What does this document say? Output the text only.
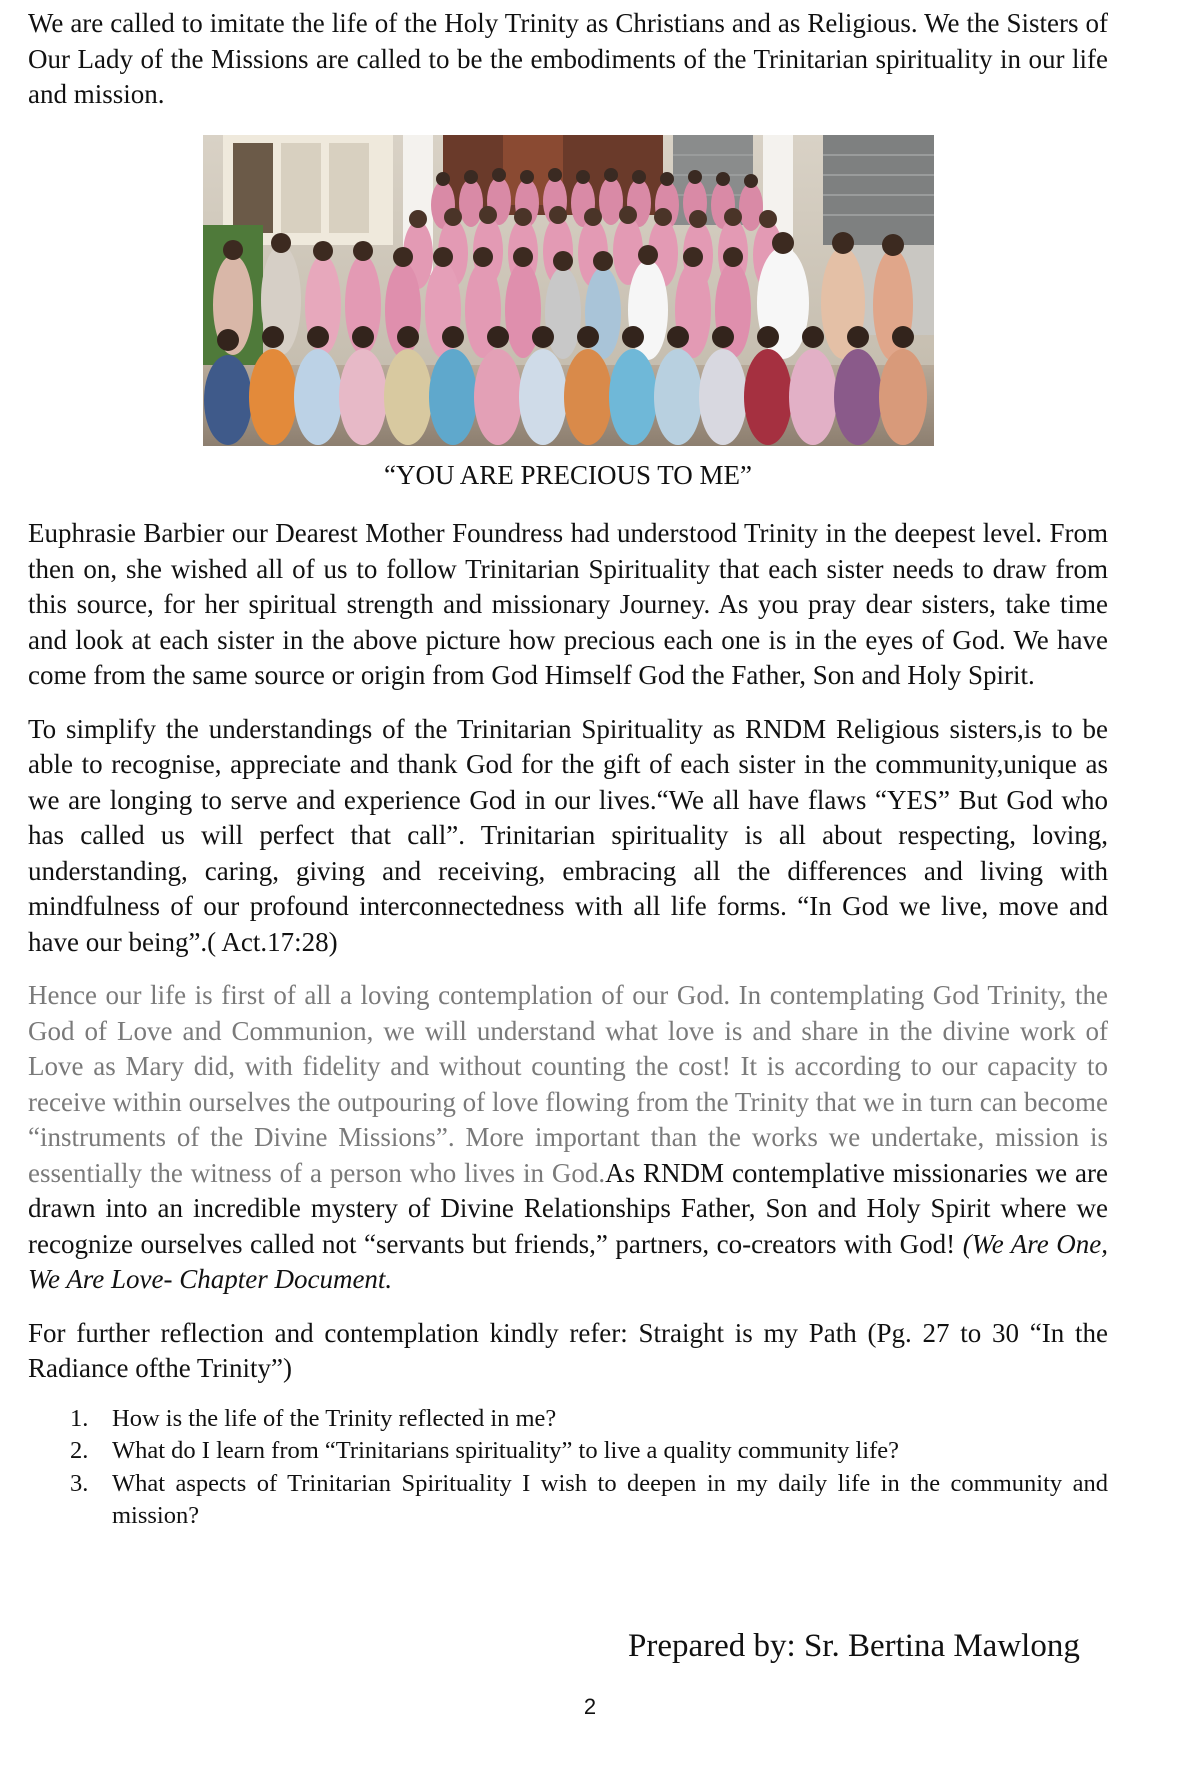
We are called to imitate the life of the Holy Trinity as Christians and as Religious. We the Sisters of Our Lady of the Missions are called to be the embodiments of the Trinitarian spirituality in our life and mission.

“YOU ARE PRECIOUS TO ME”

Euphrasie Barbier our Dearest Mother Foundress had understood Trinity in the deepest level. From then on, she wished all of us to follow Trinitarian Spirituality that each sister needs to draw from this source, for her spiritual strength and missionary Journey. As you pray dear sisters, take time and look at each sister in the above picture how precious each one is in the eyes of God. We have come from the same source or origin from God Himself God the Father, Son and Holy Spirit.

To simplify the understandings of the Trinitarian Spirituality as RNDM Religious sisters,is to be able to recognise, appreciate and thank God for the gift of each sister in the community,unique as we are longing to serve and experience God in our lives.“We all have flaws “YES” But God who has called us will perfect that call”. Trinitarian spirituality is all about respecting, loving, understanding, caring, giving and receiving, embracing all the differences and living with mindfulness of our profound interconnectedness with all life forms. “In God we live, move and have our being”.( Act.17:28)

Hence our life is first of all a loving contemplation of our God. In contemplating God Trinity, the God of Love and Communion, we will understand what love is and share in the divine work of Love as Mary did, with fidelity and without counting the cost! It is according to our capacity to receive within ourselves the outpouring of love flowing from the Trinity that we in turn can become “instruments of the Divine Missions”. More important than the works we undertake, mission is essentially the witness of a person who lives in God.As RNDM contemplative missionaries we are drawn into an incredible mystery of Divine Relationships Father, Son and Holy Spirit where we recognize ourselves called not “servants but friends,” partners, co-creators with God! (We Are One, We Are Love- Chapter Document.

For further reflection and contemplation kindly refer: Straight is my Path (Pg. 27 to 30 “In the Radiance ofthe Trinity”)

1. How is the life of the Trinity reflected in me?
2. What do I learn from “Trinitarians spirituality” to live a quality community life?
3. What aspects of Trinitarian Spirituality I wish to deepen in my daily life in the community and mission?
Prepared by: Sr. Bertina Mawlong
2
